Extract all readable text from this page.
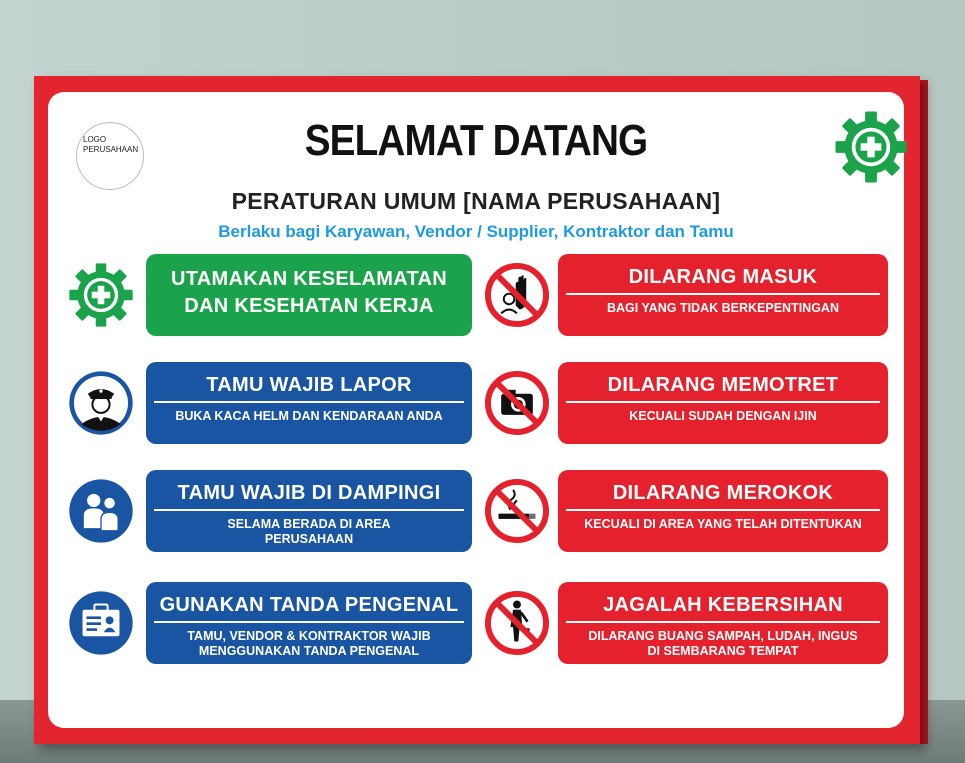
LOGO PERUSAHAAN	SELAMAT DATANG
PERATURAN UMUM [NAMA PERUSAHAAN]
Berlaku bagi Karyawan, Vendor / Supplier, Kontraktor dan Tamu
UTAMAKAN KESELAMATAN
DAN KESEHATAN KERJA
TAMU WAJIB LAPOR
BUKA KACA HELM DAN KENDARAAN ANDA
TAMU WAJIB DI DAMPINGI
SELAMA BERADA DI AREA
PERUSAHAAN
GUNAKAN TANDA PENGENAL
TAMU, VENDOR & KONTRAKTOR WAJIB
MENGGUNAKAN TANDA PENGENAL
DILARANG MASUK
BAGI YANG TIDAK BERKEPENTINGAN
DILARANG MEMOTRET
KECUALI SUDAH DENGAN IJIN
DILARANG MEROKOK
KECUALI DI AREA YANG TELAH DITENTUKAN
JAGALAH KEBERSIHAN
DILARANG BUANG SAMPAH, LUDAH, INGUS
DI SEMBARANG TEMPAT
